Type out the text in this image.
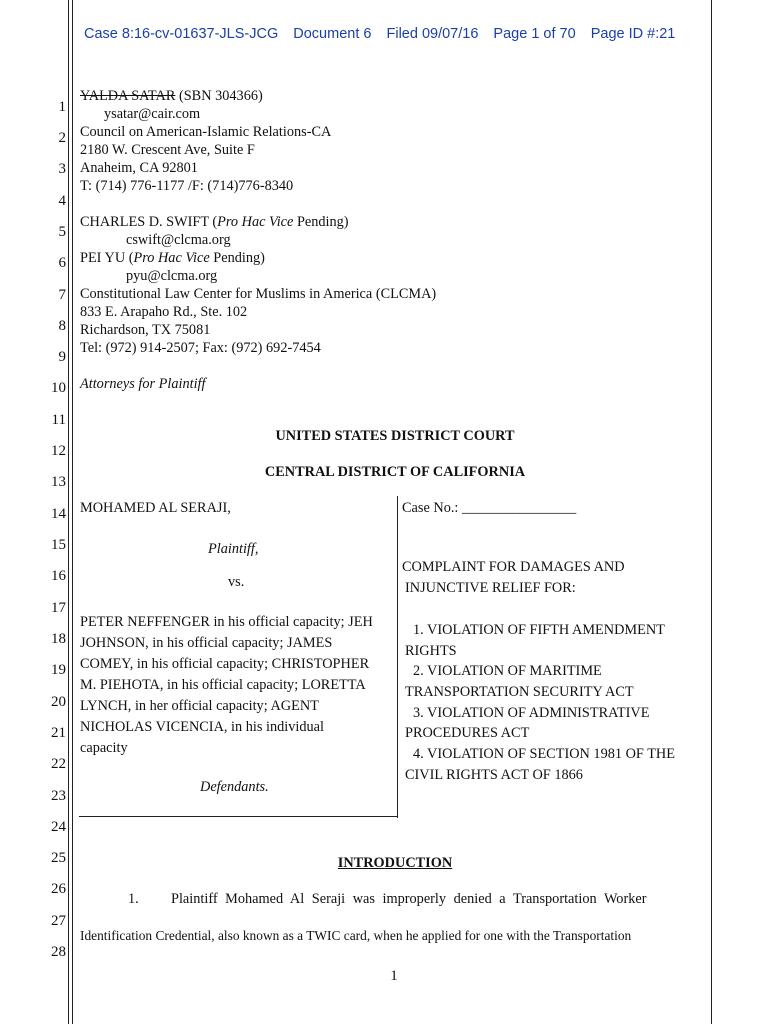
Case 8:16-cv-01637-JLS-JCG Document 6 Filed 09/07/16 Page 1 of 70 Page ID #:21
1
2
3
4
5
6
7
8
9
10
11
12
13
14
15
16
17
18
19
20
21
22
23
24
25
26
27
28
YALDA SATAR (SBN 304366)
ysatar@cair.com
Council on American-Islamic Relations-CA
2180 W. Crescent Ave, Suite F
Anaheim, CA 92801
T: (714) 776-1177 /F: (714)776-8340
CHARLES D. SWIFT (Pro Hac Vice Pending)
cswift@clcma.org
PEI YU (Pro Hac Vice Pending)
pyu@clcma.org
Constitutional Law Center for Muslims in America (CLCMA)
833 E. Arapaho Rd., Ste. 102
Richardson, TX 75081
Tel: (972) 914-2507; Fax: (972) 692-7454
Attorneys for Plaintiff
UNITED STATES DISTRICT COURT
CENTRAL DISTRICT OF CALIFORNIA
MOHAMED AL SERAJI,
Plaintiff,
vs.
PETER NEFFENGER in his official capacity; JEH
JOHNSON, in his official capacity; JAMES
COMEY, in his official capacity; CHRISTOPHER
M. PIEHOTA, in his official capacity; LORETTA
LYNCH, in her official capacity; AGENT
NICHOLAS VICENCIA, in his individual
capacity
Defendants.
Case No.: ________________
COMPLAINT FOR DAMAGES AND
INJUNCTIVE RELIEF FOR:
1. VIOLATION OF FIFTH AMENDMENT
RIGHTS
2. VIOLATION OF MARITIME
TRANSPORTATION SECURITY ACT
3. VIOLATION OF ADMINISTRATIVE
PROCEDURES ACT
4. VIOLATION OF SECTION 1981 OF THE
CIVIL RIGHTS ACT OF 1866
INTRODUCTION
1. Plaintiff Mohamed Al Seraji was improperly denied a Transportation Worker
Identification Credential, also known as a TWIC card, when he applied for one with the Transportation
1
